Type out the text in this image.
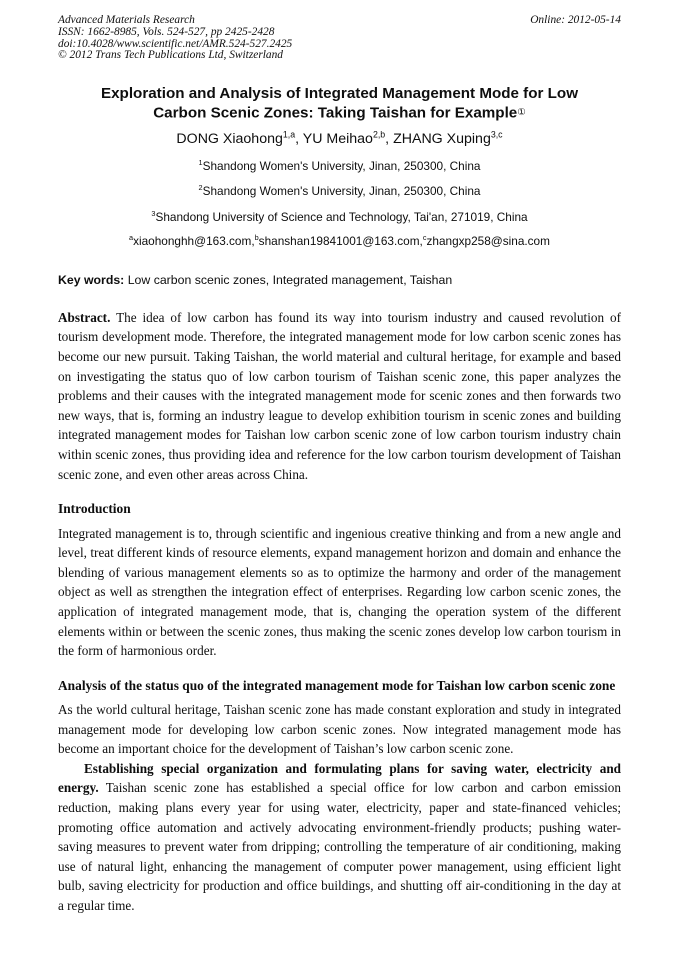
Advanced Materials Research	Online: 2012-05-14
ISSN: 1662-8985, Vols. 524-527, pp 2425-2428
doi:10.4028/www.scientific.net/AMR.524-527.2425
© 2012 Trans Tech Publications Ltd, Switzerland
Exploration and Analysis of Integrated Management Mode for Low Carbon Scenic Zones: Taking Taishan for Example①
DONG Xiaohong$^{1,a}$, YU Meihao$^{2,b}$, ZHANG Xuping$^{3,c}$
$^1$Shandong Women's University, Jinan, 250300, China
$^2$Shandong Women's University, Jinan, 250300, China
$^3$Shandong University of Science and Technology, Tai'an, 271019, China
$^a$xiaohonghh@163.com,$^b$shanshan19841001@163.com,$^c$zhangxp258@sina.com
Key words: Low carbon scenic zones, Integrated management, Taishan

Abstract. The idea of low carbon has found its way into tourism industry and caused revolution of tourism development mode. Therefore, the integrated management mode for low carbon scenic zones has become our new pursuit. Taking Taishan, the world material and cultural heritage, for example and based on investigating the status quo of low carbon tourism of Taishan scenic zone, this paper analyzes the problems and their causes with the integrated management mode for scenic zones and then forwards two new ways, that is, forming an industry league to develop exhibition tourism in scenic zones and building integrated management modes for Taishan low carbon scenic zone of low carbon tourism industry chain within scenic zones, thus providing idea and reference for the low carbon tourism development of Taishan scenic zone, and even other areas across China.

Introduction

Integrated management is to, through scientific and ingenious creative thinking and from a new angle and level, treat different kinds of resource elements, expand management horizon and domain and enhance the blending of various management elements so as to optimize the harmony and order of the management object as well as strengthen the integration effect of enterprises. Regarding low carbon scenic zones, the application of integrated management mode, that is, changing the operation system of the different elements within or between the scenic zones, thus making the scenic zones develop low carbon tourism in the form of harmonious order.

Analysis of the status quo of the integrated management mode for Taishan low carbon scenic zone

As the world cultural heritage, Taishan scenic zone has made constant exploration and study in integrated management mode for developing low carbon scenic zones. Now integrated management mode has become an important choice for the development of Taishan’s low carbon scenic zone.

Establishing special organization and formulating plans for saving water, electricity and energy. Taishan scenic zone has established a special office for low carbon and carbon emission reduction, making plans every year for using water, electricity, paper and state-financed vehicles; promoting office automation and actively advocating environment-friendly products; pushing water-saving measures to prevent water from dripping; controlling the temperature of air conditioning, making use of natural light, enhancing the management of computer power management, using efficient light bulb, saving electricity for production and office buildings, and shutting off air-conditioning in the day at a regular time.
